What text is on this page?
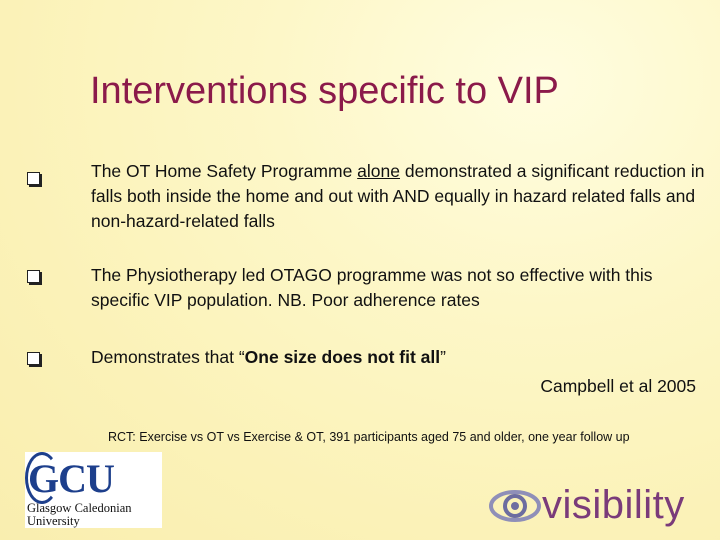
Interventions specific to VIP
The OT Home Safety Programme alone demonstrated a significant reduction in falls both inside the home and out with AND equally in hazard related falls and non-hazard-related falls
The Physiotherapy led OTAGO programme was not so effective with this specific VIP population. NB. Poor adherence rates
Demonstrates that “One size does not fit all”
Campbell et al 2005
RCT: Exercise vs OT vs Exercise & OT, 391 participants aged 75 and older, one year follow up
GCU
Glasgow Caledonian
University	visibility
